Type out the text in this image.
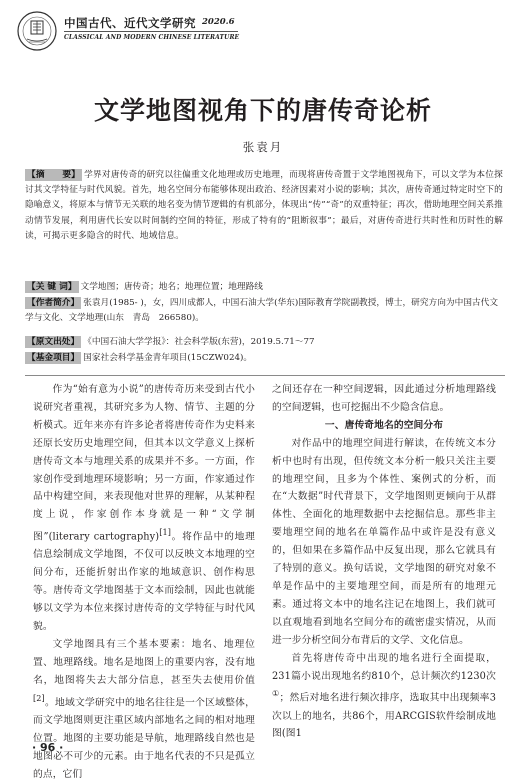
中国古代、近代文学研究 2020.6
CLASSICAL AND MODERN CHINESE LITERATURE
文学地图视角下的唐传奇论析
张袁月
【摘　　要】 学界对唐传奇的研究以往偏重文化地理或历史地理，而现将唐传奇置于文学地图视角下，可以文学为本位探讨其文学特征与时代风貌。首先，地名空间分布能够体现出政治、经济因素对小说的影响；其次，唐传奇通过特定时空下的隐喻意义，将原本与情节无关联的地名变为情节逻辑的有机部分，体现出“传”“奇”的双重特征；再次，借助地理空间关系推动情节发展，利用唐代长安以时间制约空间的特征，形成了特有的“阻断叙事”；最后，对唐传奇进行共时性和历时性的解读，可揭示更多隐含的时代、地域信息。
【关 键 词】 文学地图；唐传奇；地名；地理位置；地理路线
【作者简介】 张袁月(1985- )，女，四川成都人，中国石油大学(华东)国际教育学院副教授，博士，研究方向为中国古代文学与文化、文学地理(山东　青岛　266580)。
【原文出处】 《中国石油大学学报》：社会科学版(东营)，2019.5.71～77
【基金项目】 国家社会科学基金青年项目(15CZW024)。

作为“始有意为小说”的唐传奇历来受到古代小说研究者重视，其研究多为人物、情节、主题的分析模式。近年来亦有许多论者将唐传奇作为史料来还原长安历史地理空间，但其本以文学意义上探析唐传奇文本与地理关系的成果并不多。一方面，作家创作受到地理环境影响；另一方面，作家通过作品中构建空间，来表现他对世界的理解，从某种程度上说，作家创作本身就是一种“文学制图”(literary cartography)[1]。将作品中的地理信息绘制成文学地图，不仅可以反映文本地理的空间分布，还能折射出作家的地域意识、创作构思等。唐传奇文学地图基于文本而绘制，因此也就能够以文学为本位来探讨唐传奇的文学特征与时代风貌。

文学地图具有三个基本要素：地名、地理位置、地理路线。地名是地图上的重要内容，没有地名，地图将失去大部分信息，甚至失去使用价值[2]。地域文学研究中的地名往往是一个区域整体，而文学地图则更注重区域内部地名之间的相对地理位置。地图的主要功能是导航，地理路线自然也是地图必不可少的元素。由于地名代表的不只是孤立的点，它们

之间还存在一种空间逻辑，因此通过分析地理路线的空间逻辑，也可挖掘出不少隐含信息。

一、唐传奇地名的空间分布

对作品中的地理空间进行解读，在传统文本分析中也时有出现，但传统文本分析一般只关注主要的地理空间，且多为个体性、案例式的分析，而在“大数据”时代背景下，文学地图则更倾向于从群体性、全面化的地理数据中去挖掘信息。那些非主要地理空间的地名在单篇作品中或许是没有意义的，但如果在多篇作品中反复出现，那么它就具有了特别的意义。换句话说，文学地图的研究对象不单是作品中的主要地理空间，而是所有的地理元素。通过将文本中的地名注记在地图上，我们就可以直观地看到地名空间分布的疏密虚实情况，从而进一步分析空间分布背后的文学、文化信息。

首先将唐传奇中出现的地名进行全面提取，231篇小说出现地名约810个，总计频次约1230次①；然后对地名进行频次排序，选取其中出现频率3次以上的地名，共86个，用ARCGIS软件绘制成地图(图1

· 96 ·
